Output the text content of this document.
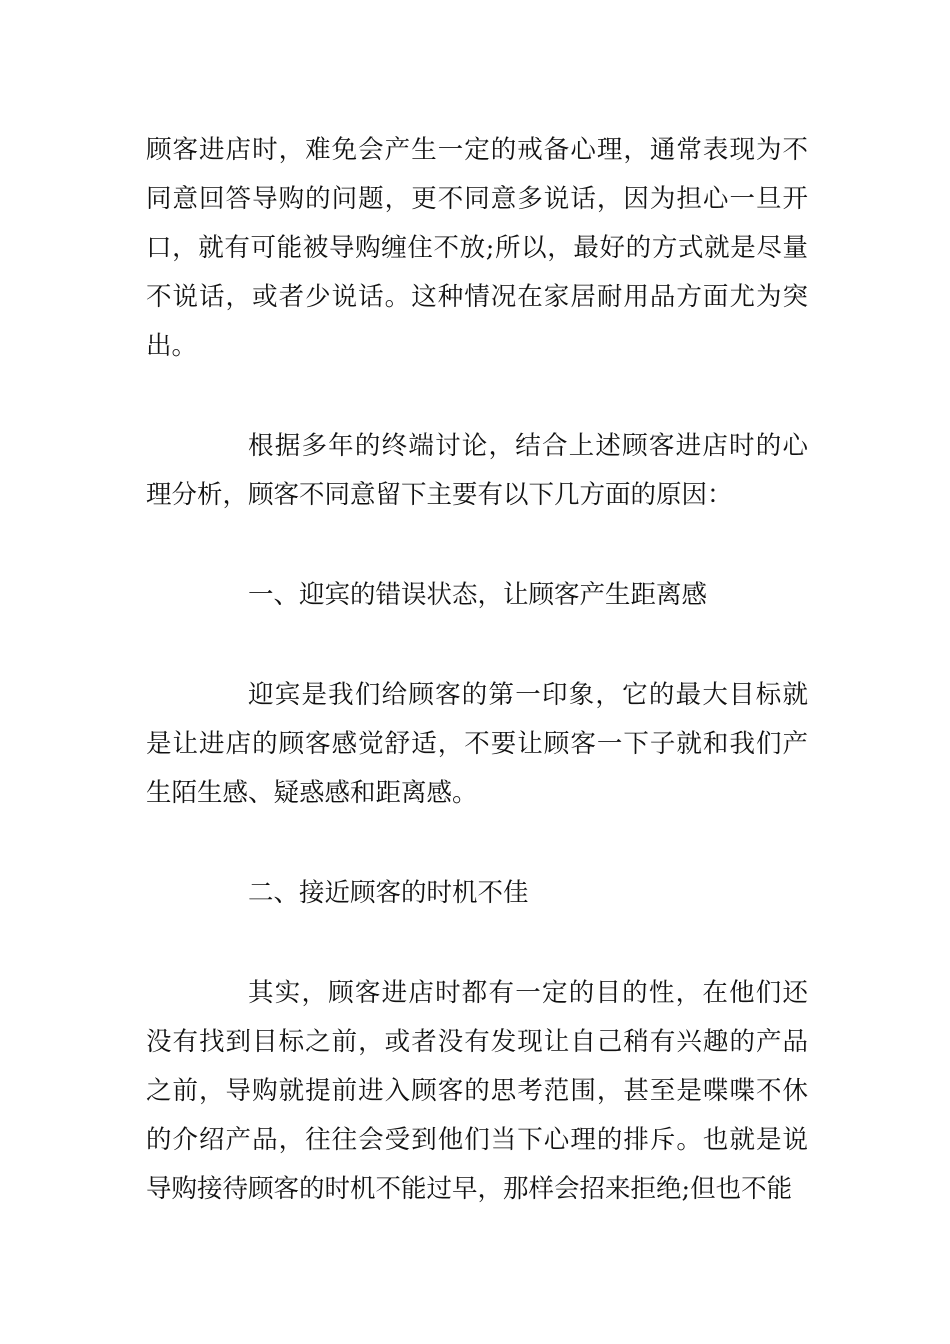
顾客进店时，难免会产生一定的戒备心理，通常表现为不同意回答导购的问题，更不同意多说话，因为担心一旦开口，就有可能被导购缠住不放;所以，最好的方式就是尽量不说话，或者少说话。这种情况在家居耐用品方面尤为突出。

根据多年的终端讨论，结合上述顾客进店时的心理分析，顾客不同意留下主要有以下几方面的原因：

一、迎宾的错误状态，让顾客产生距离感

迎宾是我们给顾客的第一印象，它的最大目标就是让进店的顾客感觉舒适，不要让顾客一下子就和我们产生陌生感、疑惑感和距离感。

二、接近顾客的时机不佳

其实，顾客进店时都有一定的目的性，在他们还没有找到目标之前，或者没有发现让自己稍有兴趣的产品之前，导购就提前进入顾客的思考范围，甚至是喋喋不休的介绍产品，往往会受到他们当下心理的排斥。也就是说导购接待顾客的时机不能过早，那样会招来拒绝;但也不能
